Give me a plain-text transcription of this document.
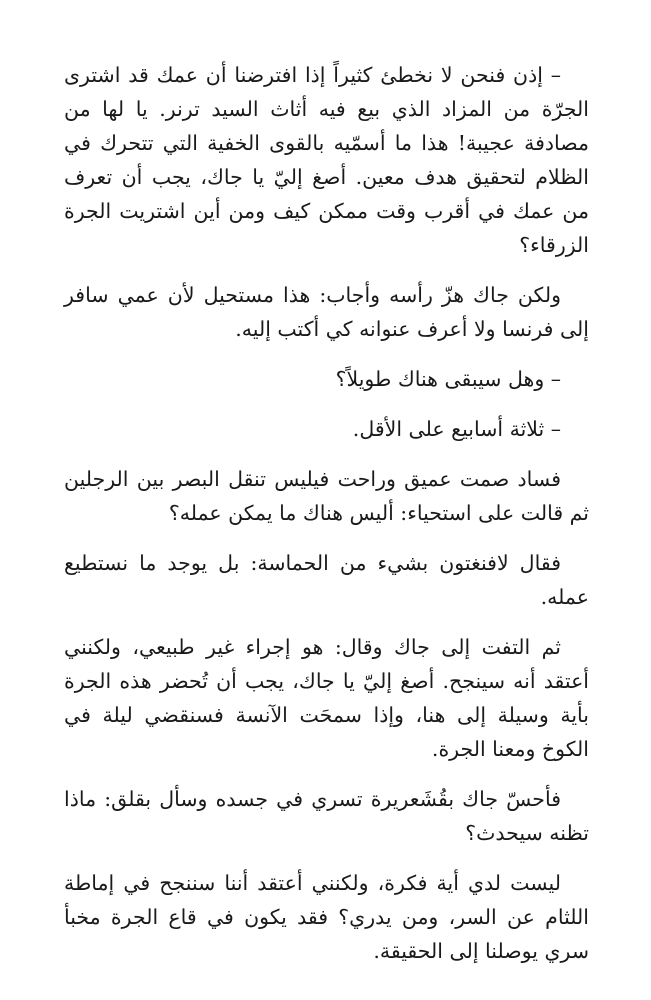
– إذن فنحن لا نخطئ كثيراً إذا افترضنا أن عمك قد اشترى الجرّة من المزاد الذي بيع فيه أثاث السيد ترنر. يا لها من مصادفة عجيبة! هذا ما أسمّيه بالقوى الخفية التي تتحرك في الظلام لتحقيق هدف معين. أصغ إليّ يا جاك، يجب أن تعرف من عمك في أقرب وقت ممكن كيف ومن أين اشتريت الجرة الزرقاء؟

ولكن جاك هزّ رأسه وأجاب: هذا مستحيل لأن عمي سافر إلى فرنسا ولا أعرف عنوانه كي أكتب إليه.

– وهل سيبقى هناك طويلاً؟

– ثلاثة أسابيع على الأقل.

فساد صمت عميق وراحت فيليس تنقل البصر بين الرجلين ثم قالت على استحياء: أليس هناك ما يمكن عمله؟

فقال لافنغتون بشيء من الحماسة: بل يوجد ما نستطيع عمله.

ثم التفت إلى جاك وقال: هو إجراء غير طبيعي، ولكنني أعتقد أنه سينجح. أصغ إليّ يا جاك، يجب أن تُحضر هذه الجرة بأية وسيلة إلى هنا، وإذا سمحَت الآنسة فسنقضي ليلة في الكوخ ومعنا الجرة.

فأحسّ جاك بقُشَعريرة تسري في جسده وسأل بقلق: ماذا تظنه سيحدث؟

ليست لدي أية فكرة، ولكنني أعتقد أننا سننجح في إماطة اللثام عن السر، ومن يدري؟ فقد يكون في قاع الجرة مخبأ سري يوصلنا إلى الحقيقة.
